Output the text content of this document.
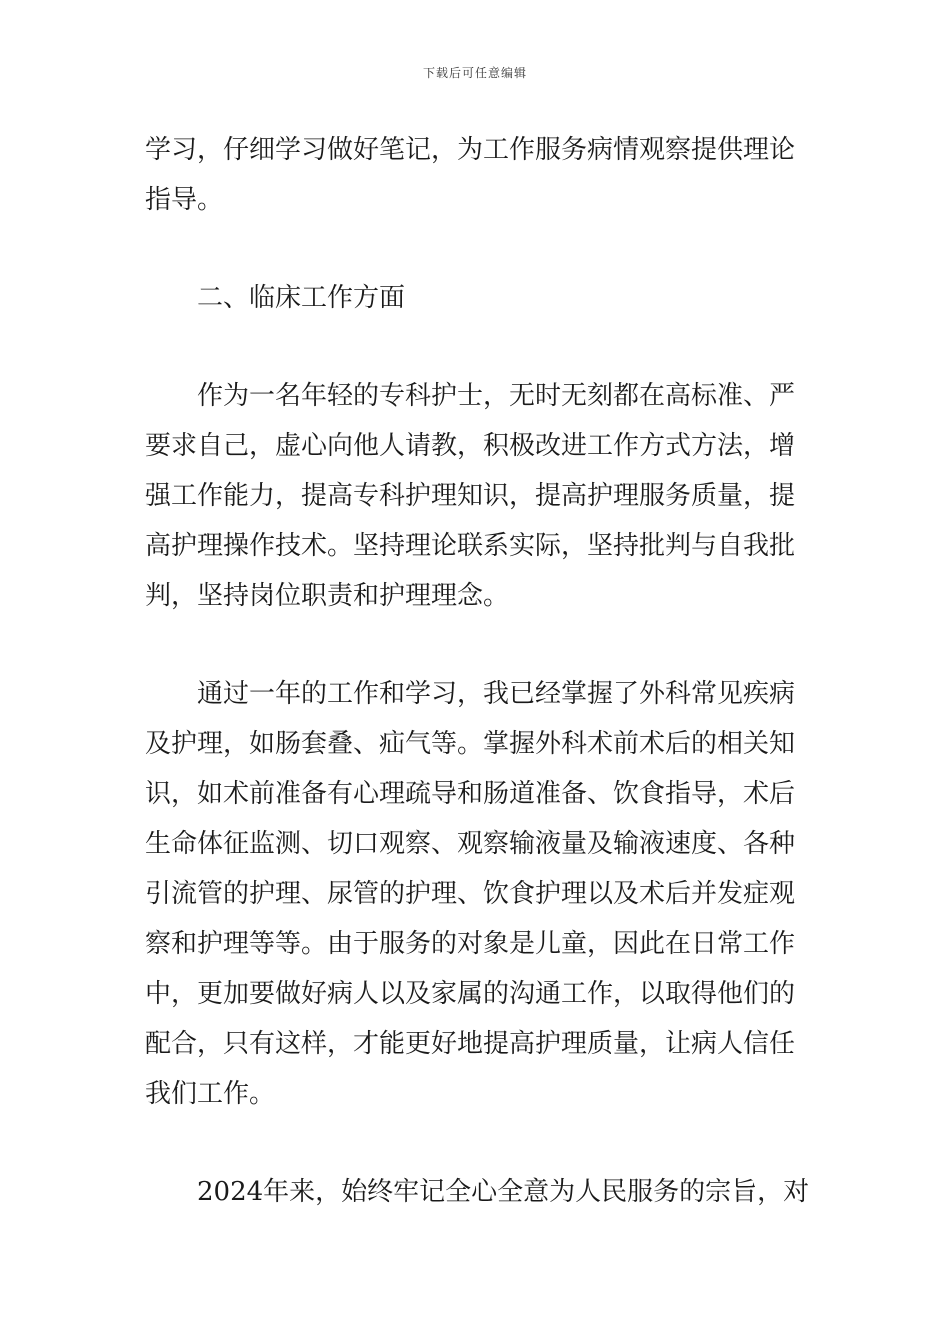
下载后可任意编辑
学习，仔细学习做好笔记，为工作服务病情观察提供理论
指导。
二、临床工作方面
作为一名年轻的专科护士，无时无刻都在高标准、严
要求自己，虚心向他人请教，积极改进工作方式方法，增
强工作能力，提高专科护理知识，提高护理服务质量，提
高护理操作技术。坚持理论联系实际，坚持批判与自我批
判，坚持岗位职责和护理理念。
通过一年的工作和学习，我已经掌握了外科常见疾病
及护理，如肠套叠、疝气等。掌握外科术前术后的相关知
识，如术前准备有心理疏导和肠道准备、饮食指导，术后
生命体征监测、切口观察、观察输液量及输液速度、各种
引流管的护理、尿管的护理、饮食护理以及术后并发症观
察和护理等等。由于服务的对象是儿童，因此在日常工作
中，更加要做好病人以及家属的沟通工作，以取得他们的
配合，只有这样，才能更好地提高护理质量，让病人信任
我们工作。
2024年来，始终牢记全心全意为人民服务的宗旨，对
